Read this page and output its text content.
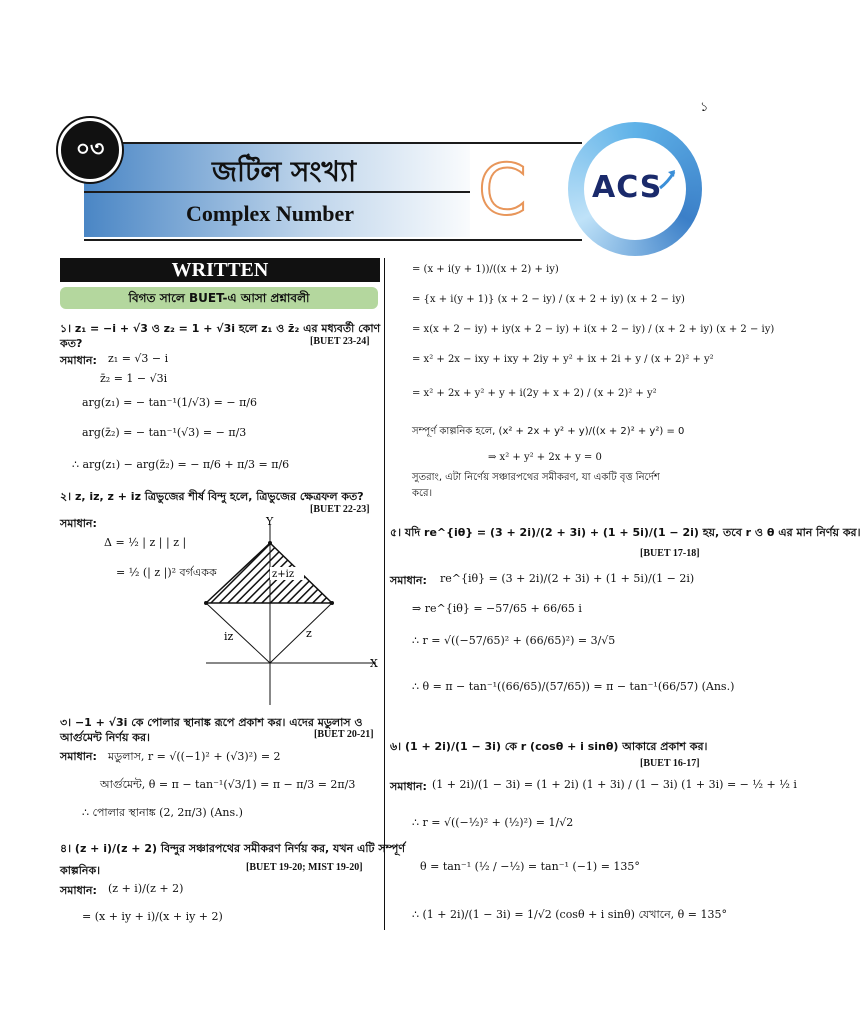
১
০৩
জটিল সংখ্যা
Complex Number C ACS
WRITTEN
বিগত সালে BUET-এ আসা প্রশ্নাবলী
১। z₁ = −i + √3 ও z₂ = 1 + √3i হলে z₁ ও z̄₂ এর মধ্যবর্তী কোণ
কত?	[BUET 23-24]
সমাধান: z₁ = √3 − i
z̄₂ = 1 − √3i
arg(z₁) = − tan⁻¹(1/√3) = − π/6
arg(z̄₂) = − tan⁻¹(√3) = − π/3
∴ arg(z₁) − arg(z̄₂) = − π/6 + π/3 = π/6
২। z, iz, z + iz ত্রিভুজের শীর্ষ বিন্দু হলে, ত্রিভুজের ক্ষেত্রফল কত?
[BUET 22-23]
সমাধান:
Δ = ½ | z | | z |
= ½ (| z |)² বর্গএকক
Y
X
z
iz
z+iz
৩। −1 + √3i কে পোলার স্থানাঙ্ক রূপে প্রকাশ কর। এদের মডুলাস ও
আর্গুমেন্ট নির্ণয় কর।	[BUET 20-21]
সমাধান: মডুলাস, r = √((−1)² + (√3)²) = 2
আর্গুমেন্ট, θ = π − tan⁻¹(√3/1) = π − π/3 = 2π/3
∴ পোলার স্থানাঙ্ক (2, 2π/3) (Ans.)
৪। (z + i)/(z + 2) বিন্দুর সঞ্চারপথের সমীকরণ নির্ণয় কর, যখন এটি সম্পূর্ণ
কাল্পনিক।	[BUET 19-20; MIST 19-20]
সমাধান: (z + i)/(z + 2)
= (x + iy + i)/(x + iy + 2)
= (x + i(y + 1))/((x + 2) + iy)
= {x + i(y + 1)} (x + 2 − iy) / (x + 2 + iy) (x + 2 − iy)
= x(x + 2 − iy) + iy(x + 2 − iy) + i(x + 2 − iy) / (x + 2 + iy) (x + 2 − iy)
= x² + 2x − ixy + ixy + 2iy + y² + ix + 2i + y / (x + 2)² + y²
= x² + 2x + y² + y + i(2y + x + 2) / (x + 2)² + y²
সম্পূর্ণ কাল্পনিক হলে, (x² + 2x + y² + y)/((x + 2)² + y²) = 0
⇒ x² + y² + 2x + y = 0
সুতরাং, এটা নির্ণেয় সঞ্চারপথের সমীকরণ, যা একটি বৃত্ত নির্দেশ
করে।
৫। যদি re^{iθ} = (3 + 2i)/(2 + 3i) + (1 + 5i)/(1 − 2i) হয়, তবে r ও θ এর মান নির্ণয় কর।
[BUET 17-18]
সমাধান: re^{iθ} = (3 + 2i)/(2 + 3i) + (1 + 5i)/(1 − 2i)
⇒ re^{iθ} = −57/65 + 66/65 i
∴ r = √((−57/65)² + (66/65)²) = 3/√5
∴ θ = π − tan⁻¹((66/65)/(57/65)) = π − tan⁻¹(66/57) (Ans.)
৬। (1 + 2i)/(1 − 3i) কে r (cosθ + i sinθ) আকারে প্রকাশ কর।
[BUET 16-17]
সমাধান: (1 + 2i)/(1 − 3i) = (1 + 2i) (1 + 3i) / (1 − 3i) (1 + 3i) = − ½ + ½ i
∴ r = √((−½)² + (½)²) = 1/√2
θ = tan⁻¹ (½ / −½) = tan⁻¹ (−1) = 135°
∴ (1 + 2i)/(1 − 3i) = 1/√2 (cosθ + i sinθ) যেখানে, θ = 135°
